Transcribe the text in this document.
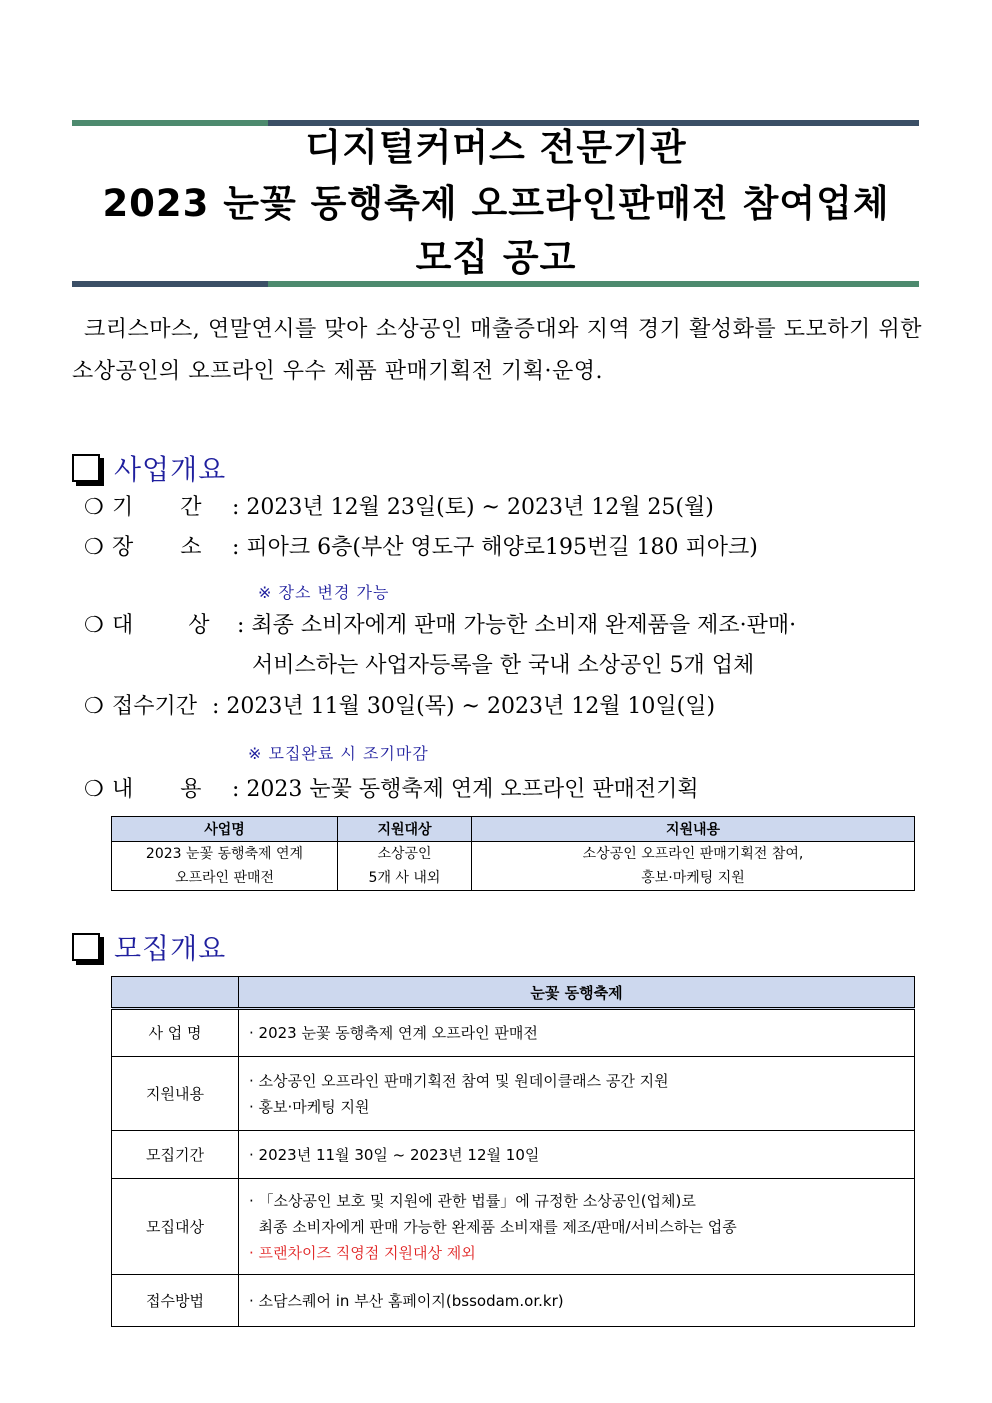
디지털커머스 전문기관
2023 눈꽃 동행축제 오프라인판매전 참여업체
모집 공고
크리스마스, 연말연시를 맞아 소상공인 매출증대와 지역 경기 활성화를 도모하기 위한 소상공인의 오프라인 우수 제품 판매기획전 기획·운영.
사업개요
❍ 기 간 : 2023년 12월 23일(토) ~ 2023년 12월 25(월)
❍ 장 소 : 피아크 6층(부산 영도구 해양로195번길 180 피아크)
※ 장소 변경 가능
❍ 대 상 : 최종 소비자에게 판매 가능한 소비재 완제품을 제조·판매·
서비스하는 사업자등록을 한 국내 소상공인 5개 업체
❍ 접수기간 : 2023년 11월 30일(목) ~ 2023년 12월 10일(일)
※ 모집완료 시 조기마감
❍ 내 용 : 2023 눈꽃 동행축제 연계 오프라인 판매전기획
사업명	지원대상	지원내용
2023 눈꽃 동행축제 연계	소상공인	소상공인 오프라인 판매기획전 참여,
오프라인 판매전	5개 사 내외	홍보·마케팅 지원
모집개요
	눈꽃 동행축제
사 업 명	· 2023 눈꽃 동행축제 연계 오프라인 판매전

지원내용	· 소상공인 오프라인 판매기획전 참여 및 원데이클래스 공간 지원
· 홍보·마케팅 지원

모집기간	· 2023년 11월 30일 ~ 2023년 12월 10일

모집대상	· 「소상공인 보호 및 지원에 관한 법률」에 규정한 소상공인(업체)로
최종 소비자에게 판매 가능한 완제품 소비재를 제조/판매/서비스하는 업종
· 프랜차이즈 직영점 지원대상 제외

접수방법	· 소담스퀘어 in 부산 홈페이지(bssodam.or.kr)
